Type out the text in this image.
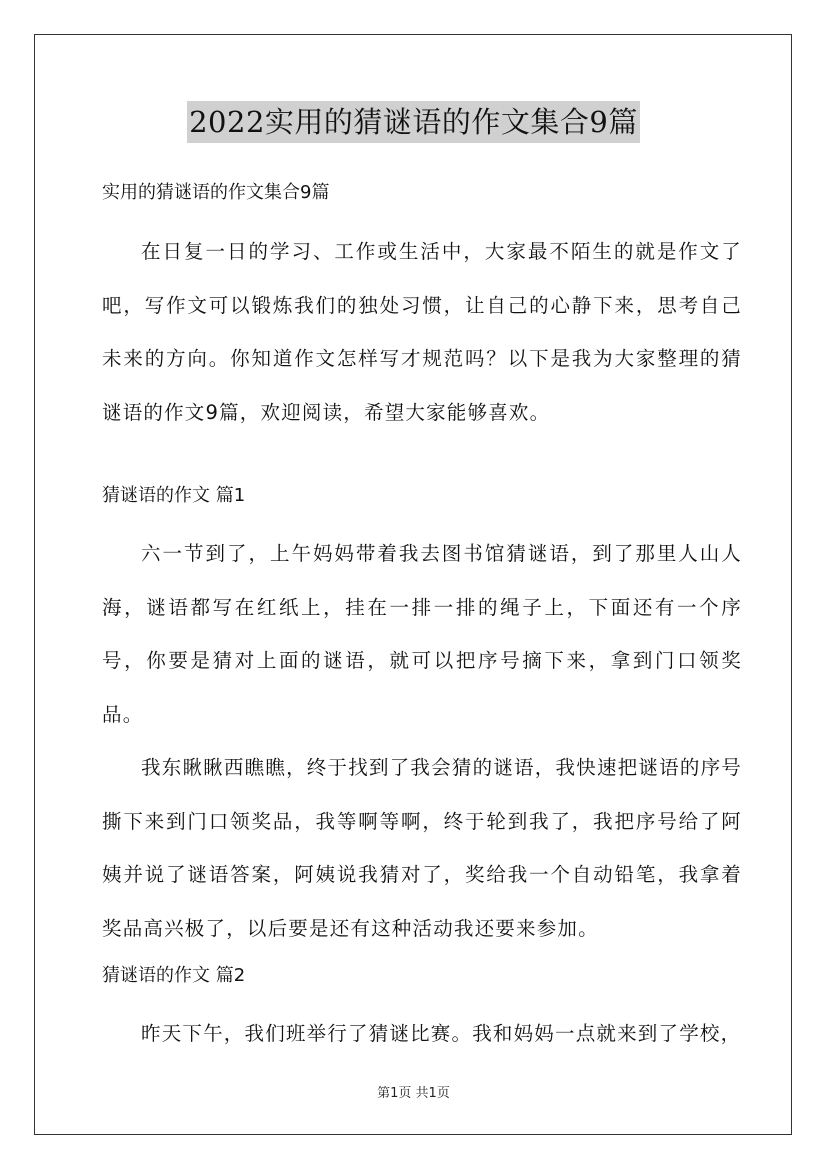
2022实用的猜谜语的作文集合9篇

实用的猜谜语的作文集合9篇

在日复一日的学习、工作或生活中，大家最不陌生的就是作文了吧，写作文可以锻炼我们的独处习惯，让自己的心静下来，思考自己未来的方向。你知道作文怎样写才规范吗？以下是我为大家整理的猜谜语的作文9篇，欢迎阅读，希望大家能够喜欢。

猜谜语的作文 篇1

六一节到了，上午妈妈带着我去图书馆猜谜语，到了那里人山人海，谜语都写在红纸上，挂在一排一排的绳子上，下面还有一个序号，你要是猜对上面的谜语，就可以把序号摘下来，拿到门口领奖品。

我东瞅瞅西瞧瞧，终于找到了我会猜的谜语，我快速把谜语的序号撕下来到门口领奖品，我等啊等啊，终于轮到我了，我把序号给了阿姨并说了谜语答案，阿姨说我猜对了，奖给我一个自动铅笔，我拿着奖品高兴极了，以后要是还有这种活动我还要来参加。

猜谜语的作文 篇2

昨天下午，我们班举行了猜谜比赛。我和妈妈一点就来到了学校，

第1页 共1页
